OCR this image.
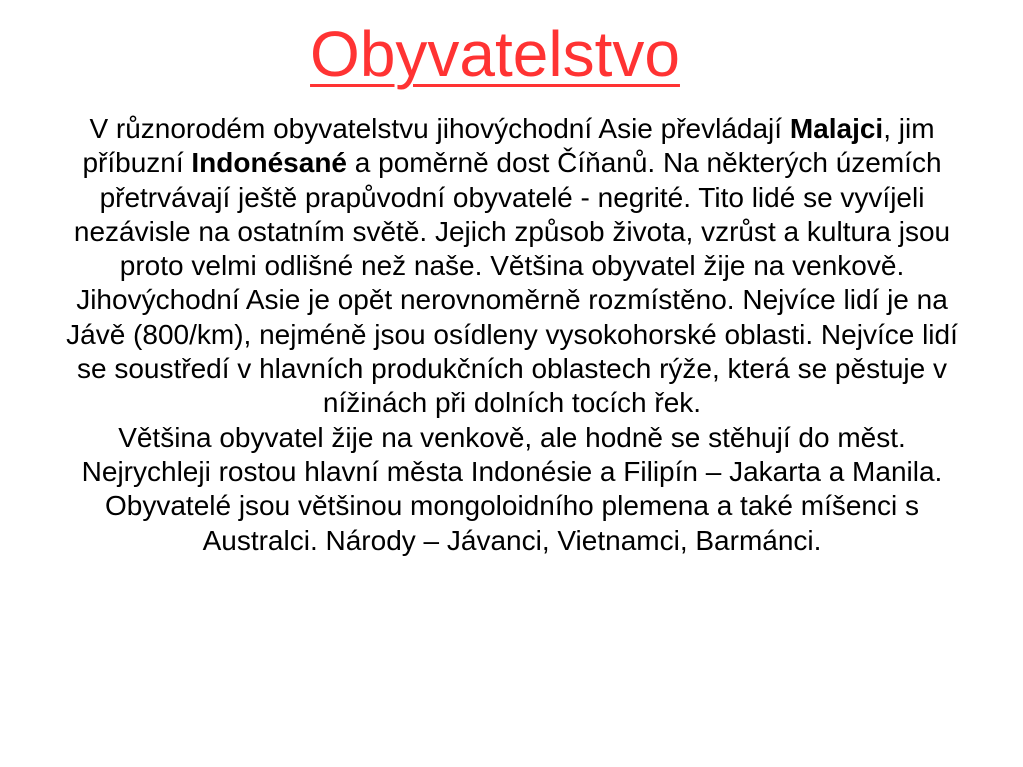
Obyvatelstvo

V různorodém obyvatelstvu jihovýchodní Asie převládají Malajci, jim příbuzní Indonésané a poměrně dost Číňanů. Na některých územích přetrvávají ještě prapůvodní obyvatelé - negrité. Tito lidé se vyvíjeli nezávisle na ostatním světě. Jejich způsob života, vzrůst a kultura jsou proto velmi odlišné než naše. Většina obyvatel žije na venkově. Jihovýchodní Asie je opět nerovnoměrně rozmístěno. Nejvíce lidí je na Jávě (800/km), nejméně jsou osídleny vysokohorské oblasti. Nejvíce lidí se soustředí v hlavních produkčních oblastech rýže, která se pěstuje v nížinách při dolních tocích řek.

Většina obyvatel žije na venkově, ale hodně se stěhují do měst. Nejrychleji rostou hlavní města Indonésie a Filipín – Jakarta a Manila. Obyvatelé jsou většinou mongoloidního plemena a také míšenci s Australci. Národy – Jávanci, Vietnamci, Barmánci.
